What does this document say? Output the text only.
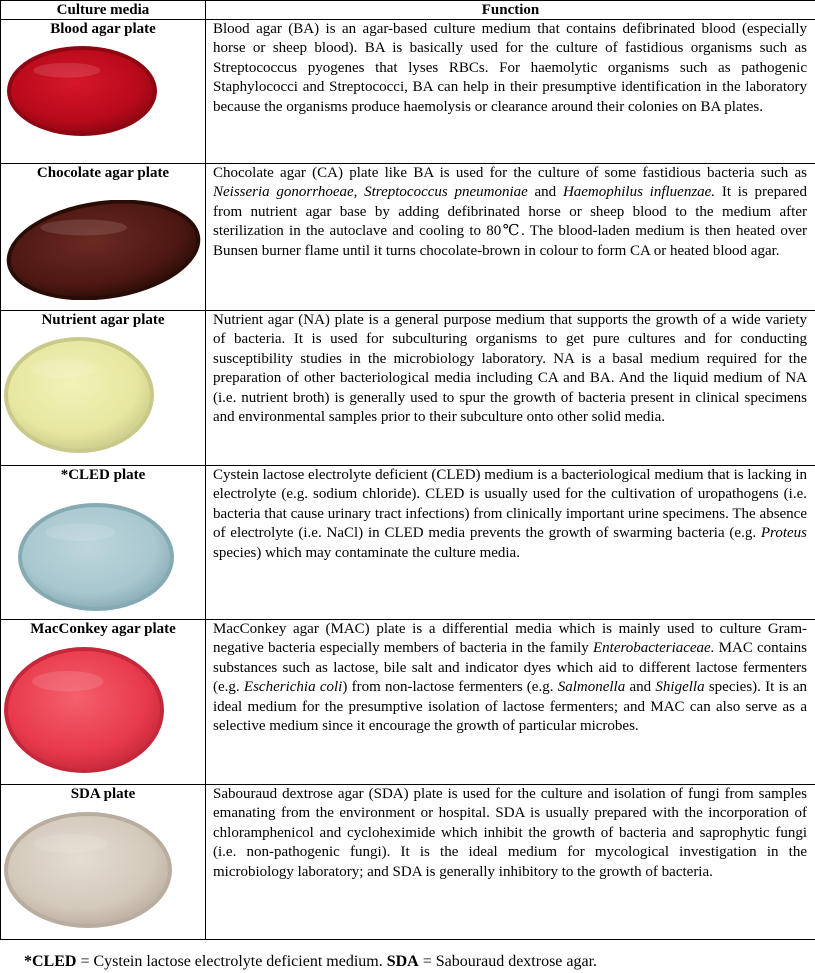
Culture media	Function

Blood agar plate	Blood agar (BA) is an agar-based culture medium that contains defibrinated blood (especially horse or sheep blood). BA is basically used for the culture of fastidious organisms such as Streptococcus pyogenes that lyses RBCs. For haemolytic organisms such as pathogenic Staphylococci and Streptococci, BA can help in their presumptive identification in the laboratory because the organisms produce haemolysis or clearance around their colonies on BA plates.

Chocolate agar plate	Chocolate agar (CA) plate like BA is used for the culture of some fastidious bacteria such as Neisseria gonorrhoeae, Streptococcus pneumoniae and Haemophilus influenzae. It is prepared from nutrient agar base by adding defibrinated horse or sheep blood to the medium after sterilization in the autoclave and cooling to 80℃. The blood-laden medium is then heated over Bunsen burner flame until it turns chocolate-brown in colour to form CA or heated blood agar.

Nutrient agar plate	Nutrient agar (NA) plate is a general purpose medium that supports the growth of a wide variety of bacteria. It is used for subculturing organisms to get pure cultures and for conducting susceptibility studies in the microbiology laboratory. NA is a basal medium required for the preparation of other bacteriological media including CA and BA. And the liquid medium of NA (i.e. nutrient broth) is generally used to spur the growth of bacteria present in clinical specimens and environmental samples prior to their subculture onto other solid media.

*CLED plate	Cystein lactose electrolyte deficient (CLED) medium is a bacteriological medium that is lacking in electrolyte (e.g. sodium chloride). CLED is usually used for the cultivation of uropathogens (i.e. bacteria that cause urinary tract infections) from clinically important urine specimens. The absence of electrolyte (i.e. NaCl) in CLED media prevents the growth of swarming bacteria (e.g. Proteus species) which may contaminate the culture media.

MacConkey agar plate	MacConkey agar (MAC) plate is a differential media which is mainly used to culture Gram-negative bacteria especially members of bacteria in the family Enterobacteriaceae. MAC contains substances such as lactose, bile salt and indicator dyes which aid to different lactose fermenters (e.g. Escherichia coli) from non-lactose fermenters (e.g. Salmonella and Shigella species). It is an ideal medium for the presumptive isolation of lactose fermenters; and MAC can also serve as a selective medium since it encourage the growth of particular microbes.

SDA plate	Sabouraud dextrose agar (SDA) plate is used for the culture and isolation of fungi from samples emanating from the environment or hospital. SDA is usually prepared with the incorporation of chloramphenicol and cycloheximide which inhibit the growth of bacteria and saprophytic fungi (i.e. non-pathogenic fungi). It is the ideal medium for mycological investigation in the microbiology laboratory; and SDA is generally inhibitory to the growth of bacteria.
*CLED = Cystein lactose electrolyte deficient medium. SDA = Sabouraud dextrose agar.
